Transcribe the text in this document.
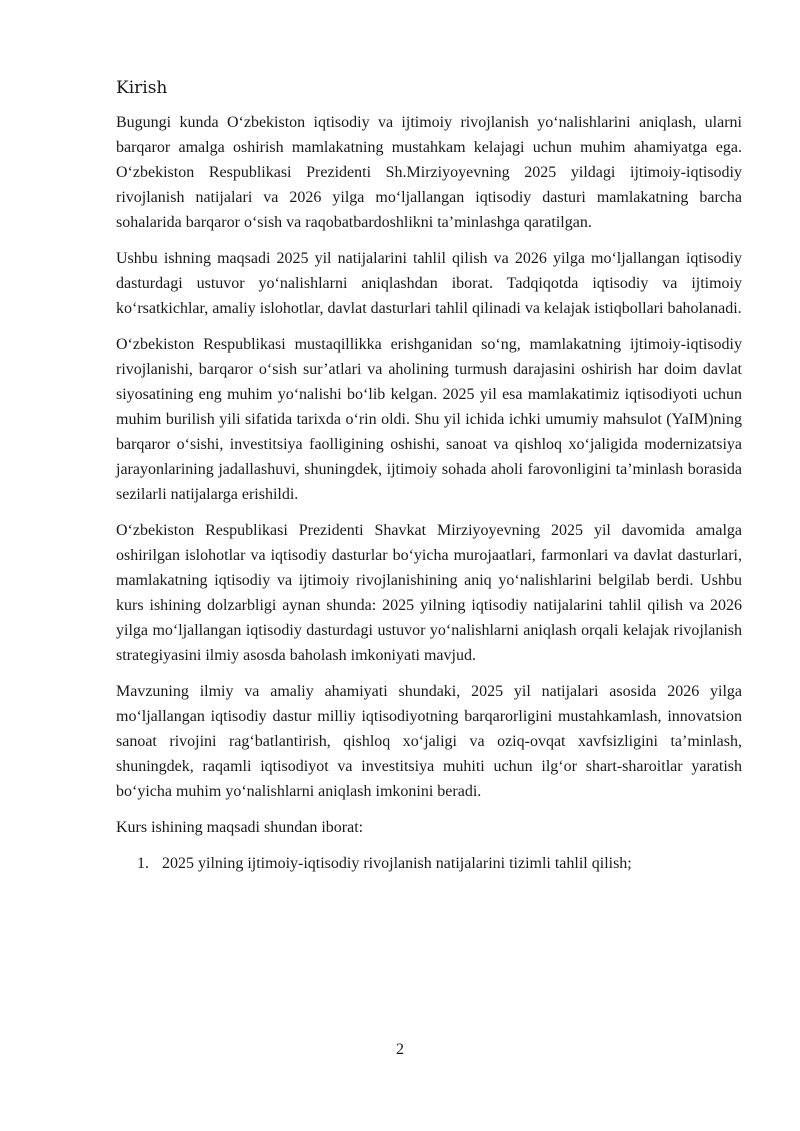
Kirish

Bugungi kunda O‘zbekiston iqtisodiy va ijtimoiy rivojlanish yo‘nalishlarini aniqlash, ularni barqaror amalga oshirish mamlakatning mustahkam kelajagi uchun muhim ahamiyatga ega. O‘zbekiston Respublikasi Prezidenti Sh.Mirziyoyevning 2025 yildagi ijtimoiy-iqtisodiy rivojlanish natijalari va 2026 yilga mo‘ljallangan iqtisodiy dasturi mamlakatning barcha sohalarida barqaror o‘sish va raqobatbardoshlikni ta’minlashga qaratilgan.

Ushbu ishning maqsadi 2025 yil natijalarini tahlil qilish va 2026 yilga mo‘ljallangan iqtisodiy dasturdagi ustuvor yo‘nalishlarni aniqlashdan iborat. Tadqiqotda iqtisodiy va ijtimoiy ko‘rsatkichlar, amaliy islohotlar, davlat dasturlari tahlil qilinadi va kelajak istiqbollari baholanadi.

O‘zbekiston Respublikasi mustaqillikka erishganidan so‘ng, mamlakatning ijtimoiy-iqtisodiy rivojlanishi, barqaror o‘sish sur’atlari va aholining turmush darajasini oshirish har doim davlat siyosatining eng muhim yo‘nalishi bo‘lib kelgan. 2025 yil esa mamlakatimiz iqtisodiyoti uchun muhim burilish yili sifatida tarixda o‘rin oldi. Shu yil ichida ichki umumiy mahsulot (YaIM)ning barqaror o‘sishi, investitsiya faolligining oshishi, sanoat va qishloq xo‘jaligida modernizatsiya jarayonlarining jadallashuvi, shuningdek, ijtimoiy sohada aholi farovonligini ta’minlash borasida sezilarli natijalarga erishildi.

O‘zbekiston Respublikasi Prezidenti Shavkat Mirziyoyevning 2025 yil davomida amalga oshirilgan islohotlar va iqtisodiy dasturlar bo‘yicha murojaatlari, farmonlari va davlat dasturlari, mamlakatning iqtisodiy va ijtimoiy rivojlanishining aniq yo‘nalishlarini belgilab berdi. Ushbu kurs ishining dolzarbligi aynan shunda: 2025 yilning iqtisodiy natijalarini tahlil qilish va 2026 yilga mo‘ljallangan iqtisodiy dasturdagi ustuvor yo‘nalishlarni aniqlash orqali kelajak rivojlanish strategiyasini ilmiy asosda baholash imkoniyati mavjud.

Mavzuning ilmiy va amaliy ahamiyati shundaki, 2025 yil natijalari asosida 2026 yilga mo‘ljallangan iqtisodiy dastur milliy iqtisodiyotning barqarorligini mustahkamlash, innovatsion sanoat rivojini rag‘batlantirish, qishloq xo‘jaligi va oziq-ovqat xavfsizligini ta’minlash, shuningdek, raqamli iqtisodiyot va investitsiya muhiti uchun ilg‘or shart-sharoitlar yaratish bo‘yicha muhim yo‘nalishlarni aniqlash imkonini beradi.

Kurs ishining maqsadi shundan iborat:

1. 2025 yilning ijtimoiy-iqtisodiy rivojlanish natijalarini tizimli tahlil qilish;
2
